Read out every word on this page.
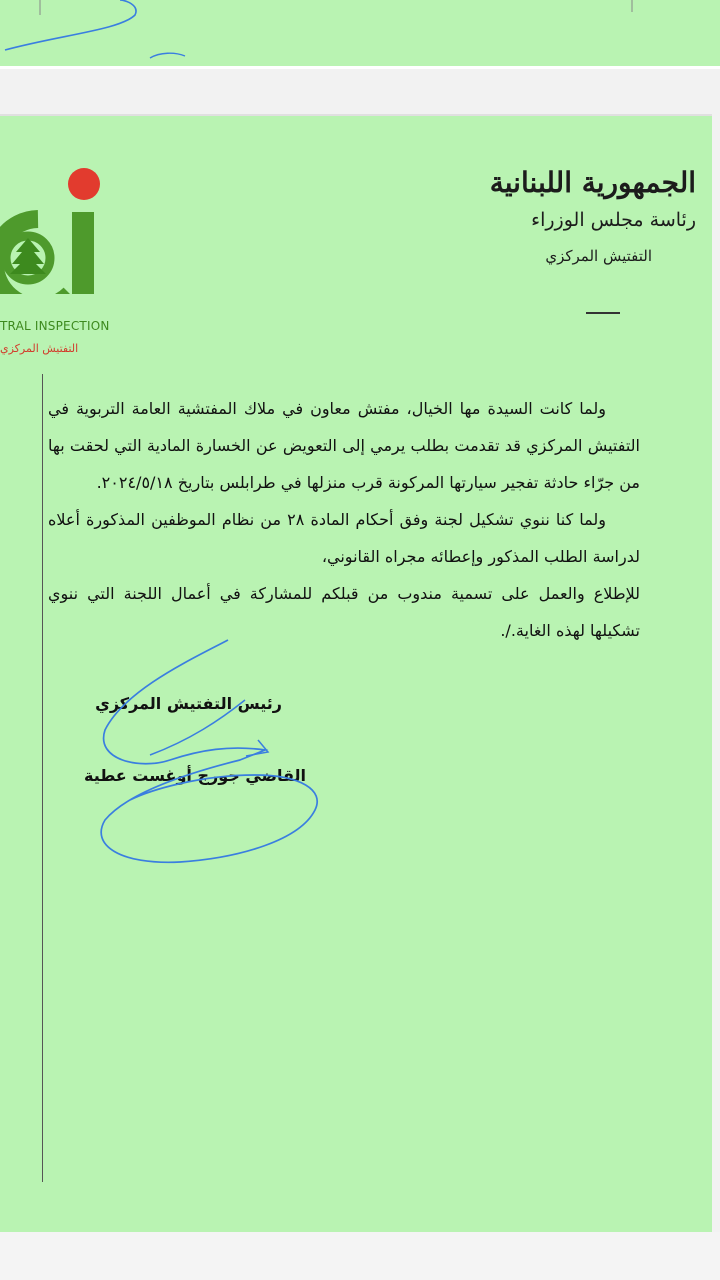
TRAL INSPECTION
التفتيش المركزي
الجمهورية اللبنانية
رئاسة مجلس الوزراء
التفتيش المركزي

ولما كانت السيدة مها الخيال، مفتش معاون في ملاك المفتشية العامة التربوية في التفتيش المركزي قد تقدمت بطلب يرمي إلى التعويض عن الخسارة المادية التي لحقت بها من جرّاء حادثة تفجير سيارتها المركونة قرب منزلها في طرابلس بتاريخ ٢٠٢٤/٥/١٨.

ولما كنا ننوي تشكيل لجنة وفق أحكام المادة ٢٨ من نظام الموظفين المذكورة أعلاه لدراسة الطلب المذكور وإعطائه مجراه القانوني،

للإطلاع والعمل على تسمية مندوب من قبلكم للمشاركة في أعمال اللجنة التي ننوي تشكيلها لهذه الغاية./.

رئيس التفتيش المركزي
القاضي جورج أوغست عطية
